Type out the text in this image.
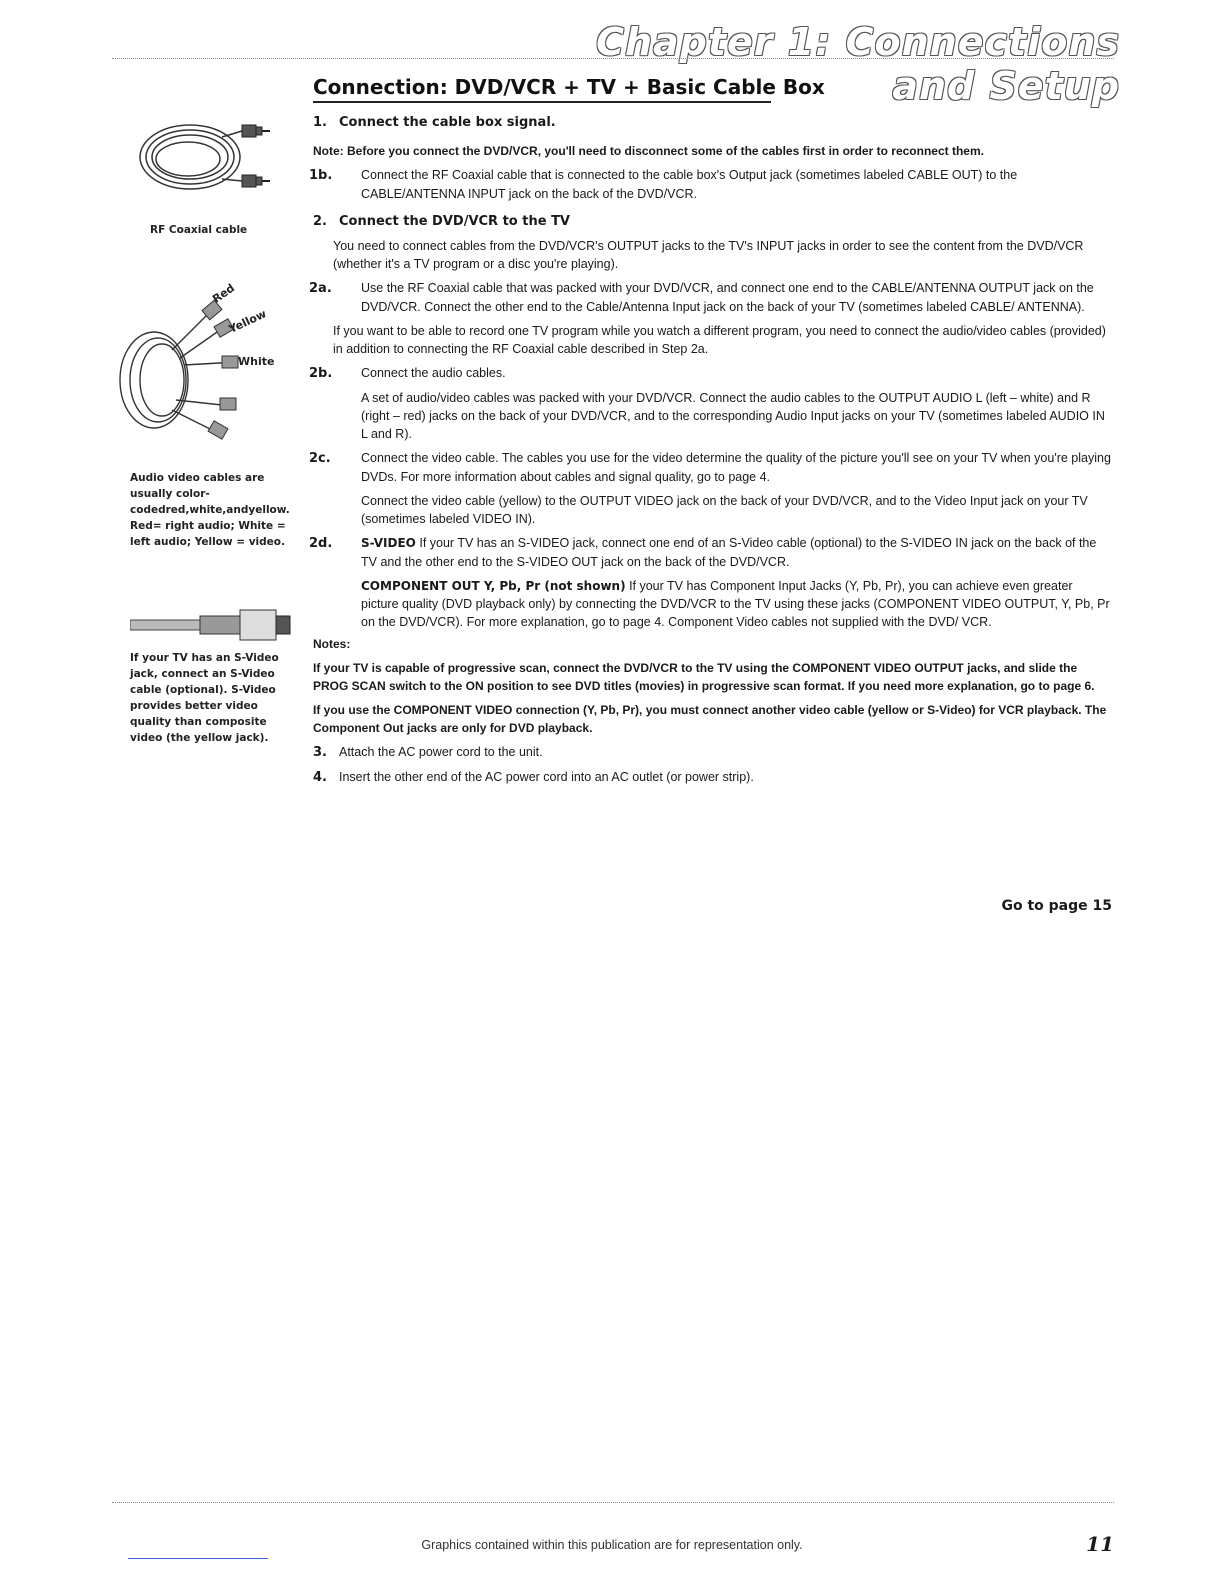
Chapter 1: Connections and Setup
Connection: DVD/VCR + TV + Basic Cable Box
RF Coaxial cable
Red
Yellow
White
Audio video cables are usually color-codedred,white,andyellow. Red= right audio; White = left audio; Yellow = video.
If your TV has an S-Video jack, connect an S-Video cable (optional). S-Video provides better video quality than composite video (the yellow jack).

1. Connect the cable box signal.

Note: Before you connect the DVD/VCR, you'll need to disconnect some of the cables first in order to reconnect them.

1b. Connect the RF Coaxial cable that is connected to the cable box's Output jack (sometimes labeled CABLE OUT) to the CABLE/ANTENNA INPUT jack on the back of the DVD/VCR.

2. Connect the DVD/VCR to the TV

You need to connect cables from the DVD/VCR's OUTPUT jacks to the TV's INPUT jacks in order to see the content from the DVD/VCR (whether it's a TV program or a disc you're playing).

2a. Use the RF Coaxial cable that was packed with your DVD/VCR, and connect one end to the CABLE/ANTENNA OUTPUT jack on the DVD/VCR. Connect the other end to the Cable/Antenna Input jack on the back of your TV (sometimes labeled CABLE/ ANTENNA).

If you want to be able to record one TV program while you watch a different program, you need to connect the audio/video cables (provided) in addition to connecting the RF Coaxial cable described in Step 2a.

2b. Connect the audio cables.

A set of audio/video cables was packed with your DVD/VCR. Connect the audio cables to the OUTPUT AUDIO L (left – white) and R (right – red) jacks on the back of your DVD/VCR, and to the corresponding Audio Input jacks on your TV (sometimes labeled AUDIO IN L and R).

2c. Connect the video cable. The cables you use for the video determine the quality of the picture you'll see on your TV when you're playing DVDs. For more information about cables and signal quality, go to page 4.

Connect the video cable (yellow) to the OUTPUT VIDEO jack on the back of your DVD/VCR, and to the Video Input jack on your TV (sometimes labeled VIDEO IN).

2d. S-VIDEO If your TV has an S-VIDEO jack, connect one end of an S-Video cable (optional) to the S-VIDEO IN jack on the back of the TV and the other end to the S-VIDEO OUT jack on the back of the DVD/VCR.

COMPONENT OUT Y, Pb, Pr (not shown) If your TV has Component Input Jacks (Y, Pb, Pr), you can achieve even greater picture quality (DVD playback only) by connecting the DVD/VCR to the TV using these jacks (COMPONENT VIDEO OUTPUT, Y, Pb, Pr on the DVD/VCR). For more explanation, go to page 4. Component Video cables not supplied with the DVD/ VCR.

Notes:

If your TV is capable of progressive scan, connect the DVD/VCR to the TV using the COMPONENT VIDEO OUTPUT jacks, and slide the PROG SCAN switch to the ON position to see DVD titles (movies) in progressive scan format. If you need more explanation, go to page 6.

If you use the COMPONENT VIDEO connection (Y, Pb, Pr), you must connect another video cable (yellow or S-Video) for VCR playback. The Component Out jacks are only for DVD playback.

3. Attach the AC power cord to the unit.

4. Insert the other end of the AC power cord into an AC outlet (or power strip).

Go to page 15
Graphics contained within this publication are for representation only.	11
